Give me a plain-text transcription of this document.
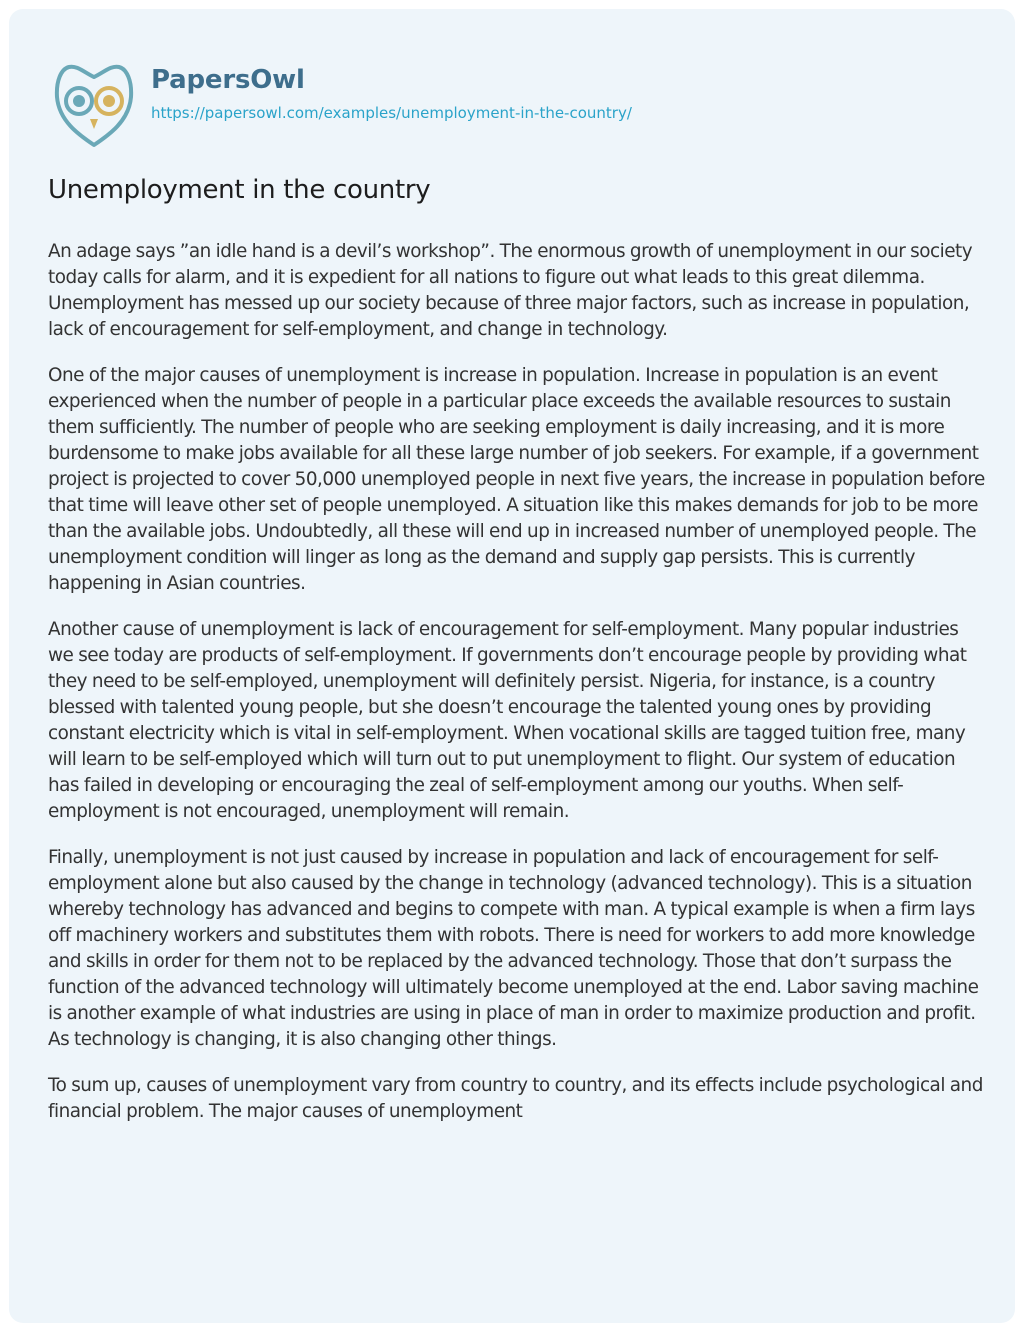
PapersOwl
https://papersowl.com/examples/unemployment-in-the-country/
Unemployment in the country

An adage says ”an idle hand is a devil’s workshop”. The enormous growth of unemployment in our society today calls for alarm, and it is expedient for all nations to figure out what leads to this great dilemma. Unemployment has messed up our society because of three major factors, such as increase in population, lack of encouragement for self-employment, and change in technology.

One of the major causes of unemployment is increase in population. Increase in population is an event experienced when the number of people in a particular place exceeds the available resources to sustain them sufficiently. The number of people who are seeking employment is daily increasing, and it is more burdensome to make jobs available for all these large number of job seekers. For example, if a government project is projected to cover 50,000 unemployed people in next five years, the increase in population before that time will leave other set of people unemployed. A situation like this makes demands for job to be more than the available jobs. Undoubtedly, all these will end up in increased number of unemployed people. The unemployment condition will linger as long as the demand and supply gap persists. This is currently happening in Asian countries.

Another cause of unemployment is lack of encouragement for self-employment. Many popular industries we see today are products of self-employment. If governments don’t encourage people by providing what they need to be self-employed, unemployment will definitely persist. Nigeria, for instance, is a country blessed with talented young people, but she doesn’t encourage the talented young ones by providing constant electricity which is vital in self-employment. When vocational skills are tagged tuition free, many will learn to be self-employed which will turn out to put unemployment to flight. Our system of education has failed in developing or encouraging the zeal of self-employment among our youths. When self-employment is not encouraged, unemployment will remain.

Finally, unemployment is not just caused by increase in population and lack of encouragement for self-employment alone but also caused by the change in technology (advanced technology). This is a situation whereby technology has advanced and begins to compete with man. A typical example is when a firm lays off machinery workers and substitutes them with robots. There is need for workers to add more knowledge and skills in order for them not to be replaced by the advanced technology. Those that don’t surpass the function of the advanced technology will ultimately become unemployed at the end. Labor saving machine is another example of what industries are using in place of man in order to maximize production and profit. As technology is changing, it is also changing other things.

To sum up, causes of unemployment vary from country to country, and its effects include psychological and financial problem. The major causes of unemployment
